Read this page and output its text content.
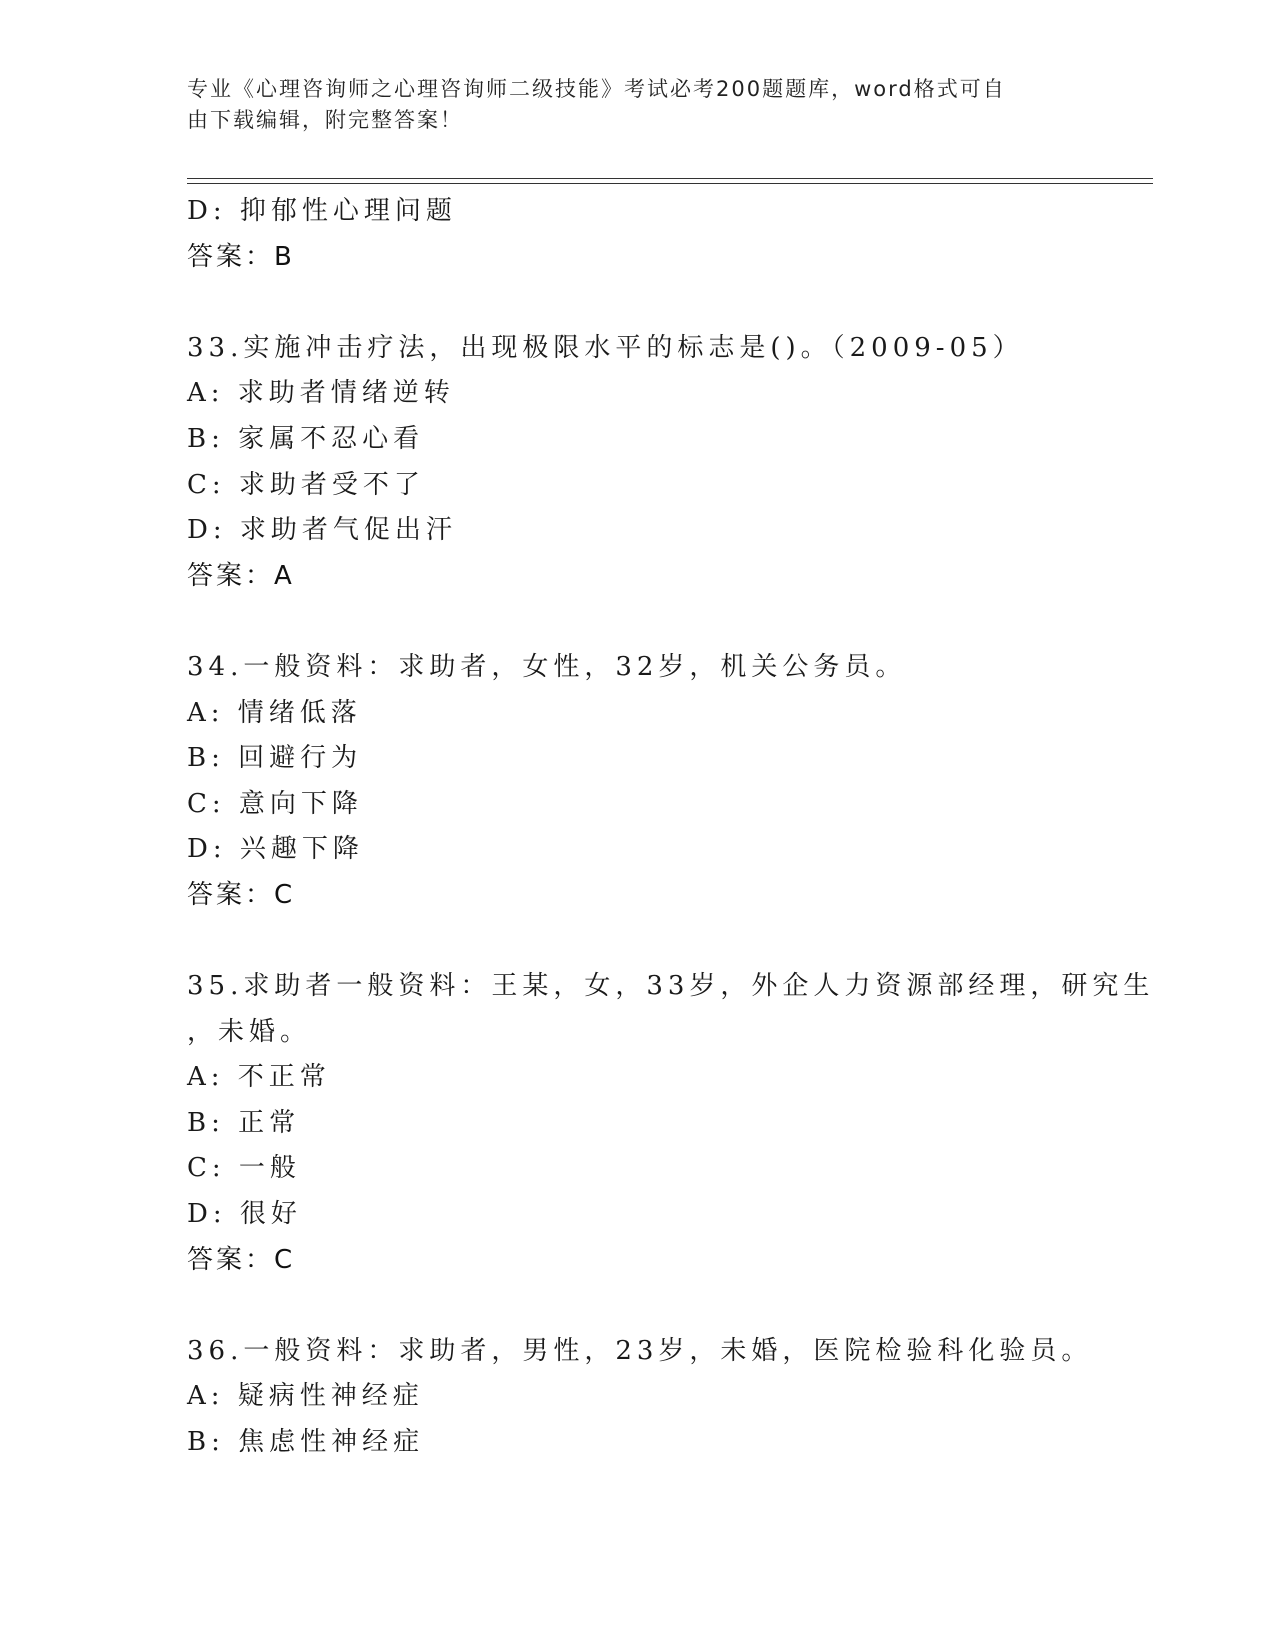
专业《心理咨询师之心理咨询师二级技能》考试必考200题题库，word格式可自
由下载编辑，附完整答案！
D: 抑郁性心理问题
答案：B
33.实施冲击疗法，出现极限水平的标志是()。（2009-05）
A: 求助者情绪逆转
B: 家属不忍心看
C: 求助者受不了
D: 求助者气促出汗
答案：A
34.一般资料：求助者，女性，32岁，机关公务员。
A: 情绪低落
B: 回避行为
C: 意向下降
D: 兴趣下降
答案：C
35.求助者一般资料：王某，女，33岁，外企人力资源部经理，研究生
，未婚。
A: 不正常
B: 正常
C: 一般
D: 很好
答案：C
36.一般资料：求助者，男性，23岁，未婚，医院检验科化验员。
A: 疑病性神经症
B: 焦虑性神经症
